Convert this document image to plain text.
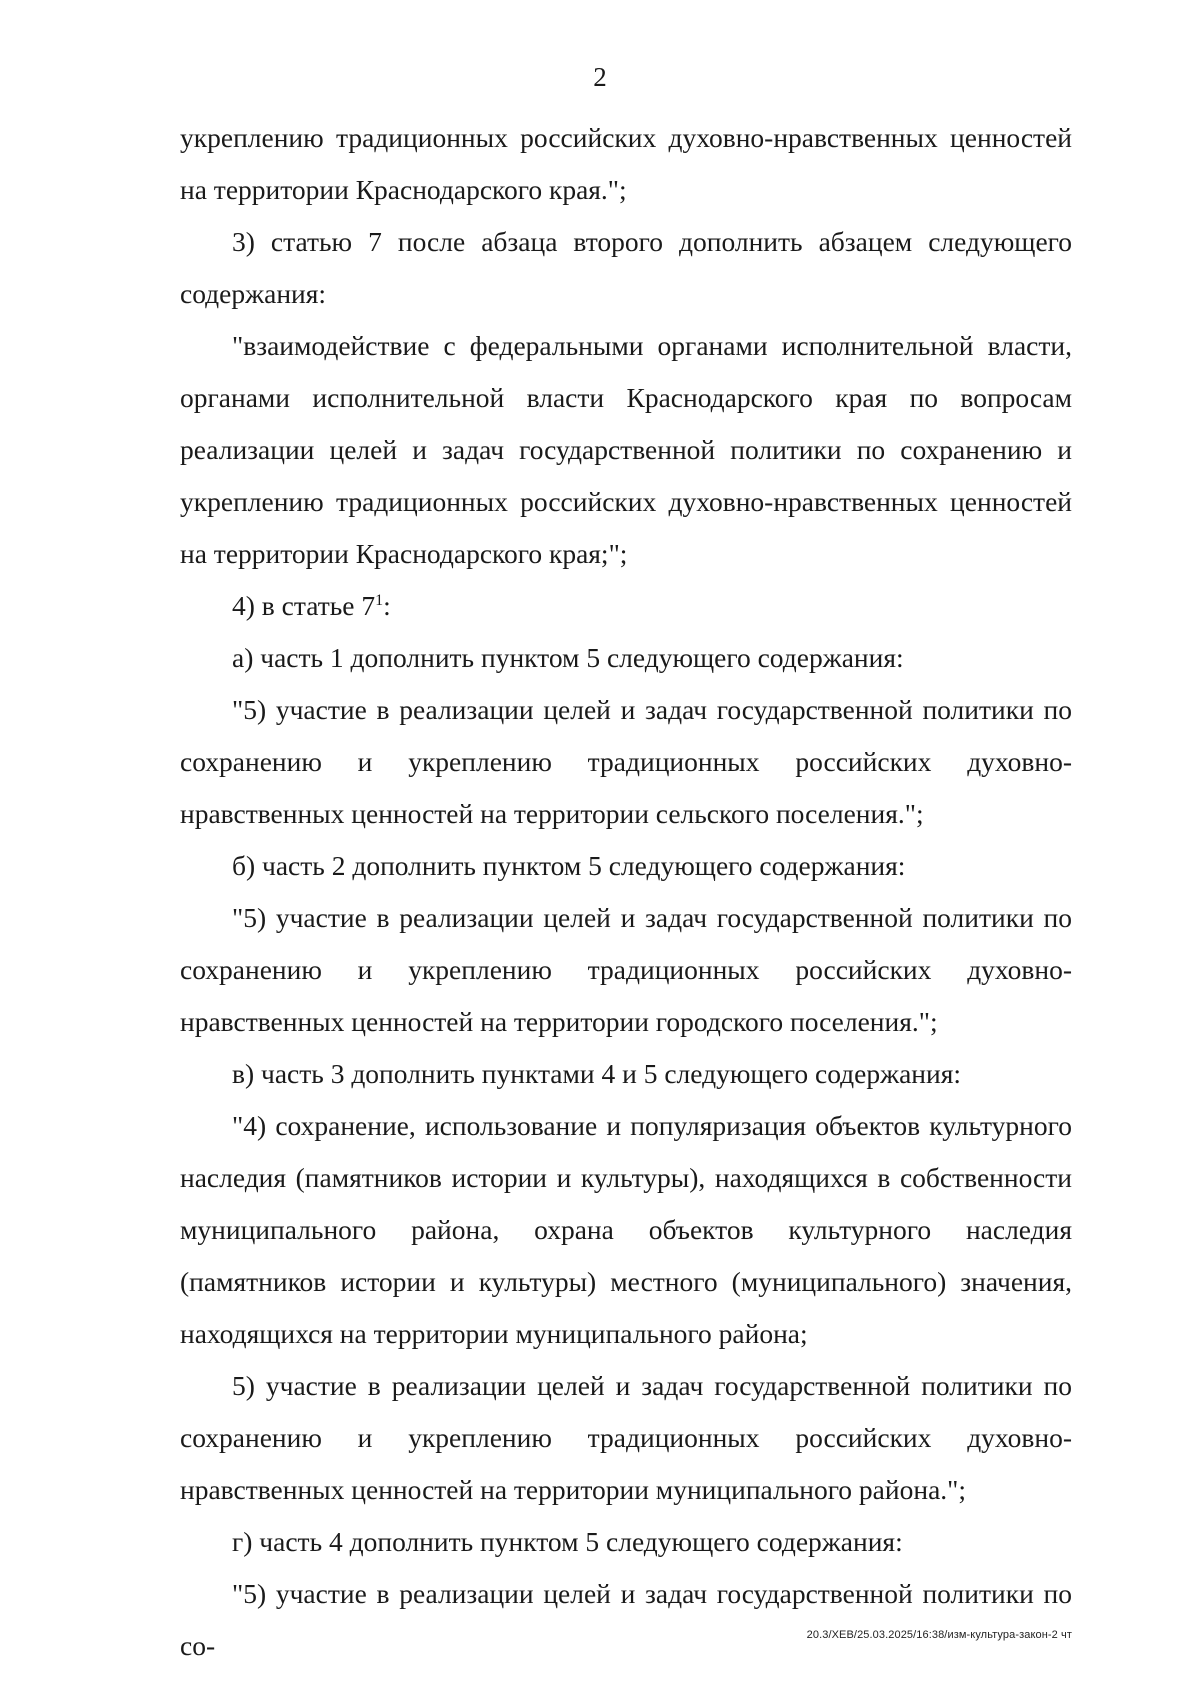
2

укреплению традиционных российских духовно-нравственных ценностей на территории Краснодарского края.";

3) статью 7 после абзаца второго дополнить абзацем следующего содержания:

"взаимодействие с федеральными органами исполнительной власти, органами исполнительной власти Краснодарского края по вопросам реализации целей и задач государственной политики по сохранению и укреплению традиционных российских духовно-нравственных ценностей на территории Краснодарского края;";

4) в статье $7^1$:

а) часть 1 дополнить пунктом 5 следующего содержания:

"5) участие в реализации целей и задач государственной политики по сохранению и укреплению традиционных российских духовно-нравственных ценностей на территории сельского поселения.";

б) часть 2 дополнить пунктом 5 следующего содержания:

"5) участие в реализации целей и задач государственной политики по сохранению и укреплению традиционных российских духовно-нравственных ценностей на территории городского поселения.";

в) часть 3 дополнить пунктами 4 и 5 следующего содержания:

"4) сохранение, использование и популяризация объектов культурного наследия (памятников истории и культуры), находящихся в собственности муниципального района, охрана объектов культурного наследия (памятников истории и культуры) местного (муниципального) значения, находящихся на территории муниципального района;

5) участие в реализации целей и задач государственной политики по сохранению и укреплению традиционных российских духовно-нравственных ценностей на территории муниципального района.";

г) часть 4 дополнить пунктом 5 следующего содержания:

"5) участие в реализации целей и задач государственной политики по со-	20.3/ХЕВ/25.03.2025/16:38/изм-культура-закон-2 чт
